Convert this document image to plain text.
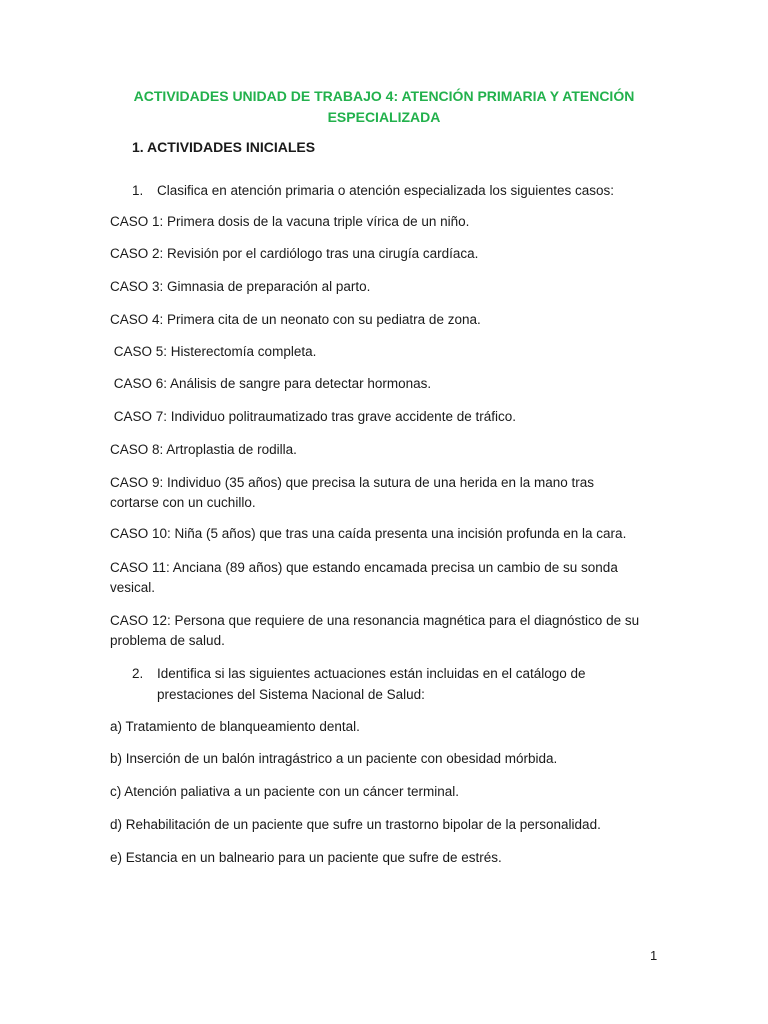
ACTIVIDADES UNIDAD DE TRABAJO 4: ATENCIÓN PRIMARIA Y ATENCIÓN ESPECIALIZADA
1. ACTIVIDADES INICIALES
1.	Clasifica en atención primaria o atención especializada los siguientes casos:
CASO 1: Primera dosis de la vacuna triple vírica de un niño.
CASO 2: Revisión por el cardiólogo tras una cirugía cardíaca.
CASO 3: Gimnasia de preparación al parto.
CASO 4: Primera cita de un neonato con su pediatra de zona.
CASO 5: Histerectomía completa.
CASO 6: Análisis de sangre para detectar hormonas.
CASO 7: Individuo politraumatizado tras grave accidente de tráfico.
CASO 8: Artroplastia de rodilla.
CASO 9: Individuo (35 años) que precisa la sutura de una herida en la mano tras cortarse con un cuchillo.
CASO 10: Niña (5 años) que tras una caída presenta una incisión profunda en la cara.
CASO 11: Anciana (89 años) que estando encamada precisa un cambio de su sonda vesical.
CASO 12: Persona que requiere de una resonancia magnética para el diagnóstico de su problema de salud.
2.	Identifica si las siguientes actuaciones están incluidas en el catálogo de prestaciones del Sistema Nacional de Salud:
a) Tratamiento de blanqueamiento dental.
b) Inserción de un balón intragástrico a un paciente con obesidad mórbida.
c) Atención paliativa a un paciente con un cáncer terminal.
d) Rehabilitación de un paciente que sufre un trastorno bipolar de la personalidad.
e) Estancia en un balneario para un paciente que sufre de estrés.
1
